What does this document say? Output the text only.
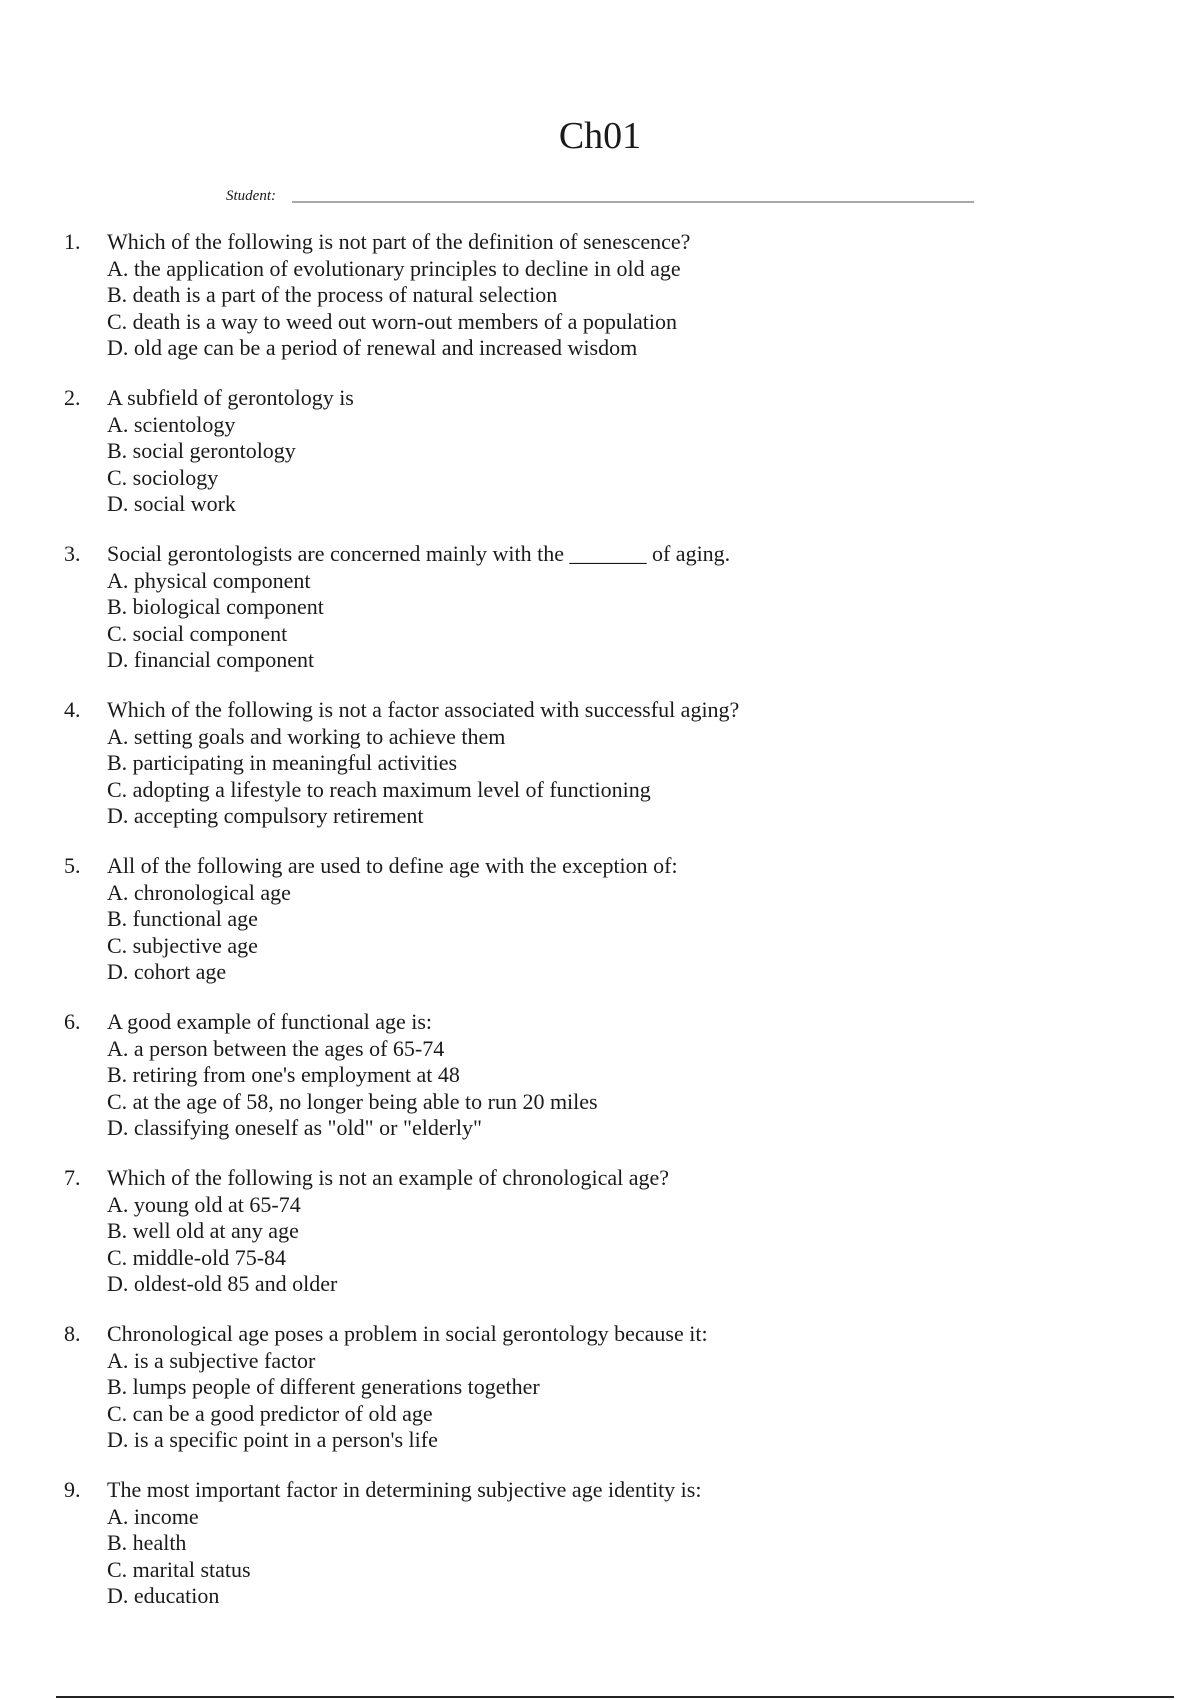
Ch01
Student:
1.	Which of the following is not part of the definition of senescence?
A. the application of evolutionary principles to decline in old age
B. death is a part of the process of natural selection
C. death is a way to weed out worn-out members of a population
D. old age can be a period of renewal and increased wisdom
2.	A subfield of gerontology is
A. scientology
B. social gerontology
C. sociology
D. social work
3.	Social gerontologists are concerned mainly with the _______ of aging.
A. physical component
B. biological component
C. social component
D. financial component
4.	Which of the following is not a factor associated with successful aging?
A. setting goals and working to achieve them
B. participating in meaningful activities
C. adopting a lifestyle to reach maximum level of functioning
D. accepting compulsory retirement
5.	All of the following are used to define age with the exception of:
A. chronological age
B. functional age
C. subjective age
D. cohort age
6.	A good example of functional age is:
A. a person between the ages of 65-74
B. retiring from one's employment at 48
C. at the age of 58, no longer being able to run 20 miles
D. classifying oneself as "old" or "elderly"
7.	Which of the following is not an example of chronological age?
A. young old at 65-74
B. well old at any age
C. middle-old 75-84
D. oldest-old 85 and older
8.	Chronological age poses a problem in social gerontology because it:
A. is a subjective factor
B. lumps people of different generations together
C. can be a good predictor of old age
D. is a specific point in a person's life
9.	The most important factor in determining subjective age identity is:
A. income
B. health
C. marital status
D. education
